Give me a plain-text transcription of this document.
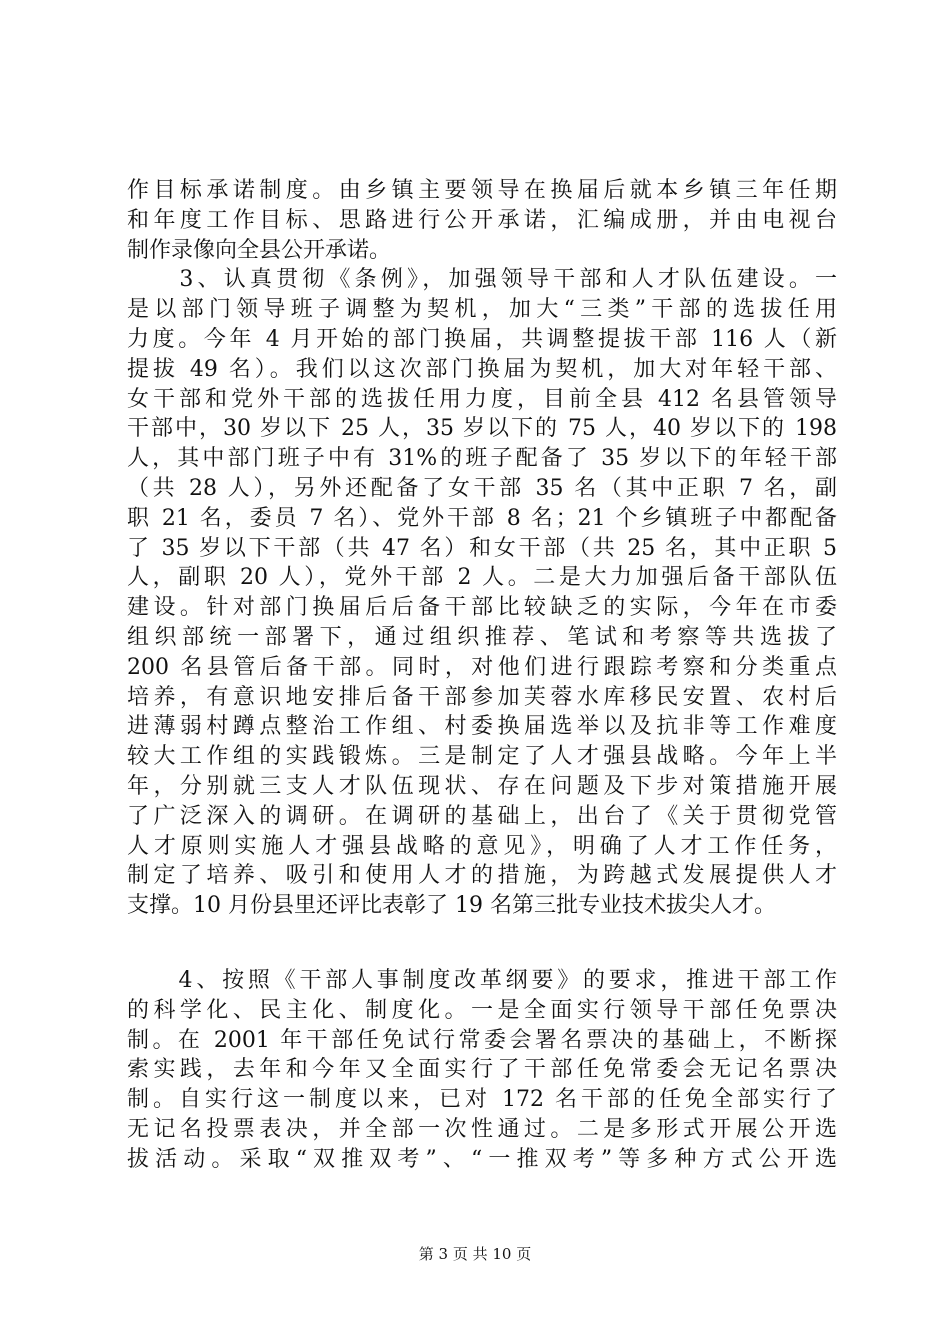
作目标承诺制度。由乡镇主要领导在换届后就本乡镇三年任期
和年度工作目标、思路进行公开承诺，汇编成册，并由电视台
制作录像向全县公开承诺。
　　3、认真贯彻《条例》，加强领导干部和人才队伍建设。一
是以部门领导班子调整为契机，加大“三类”干部的选拔任用
力度。今年 4 月开始的部门换届，共调整提拔干部 116 人（新
提拔 49 名）。我们以这次部门换届为契机，加大对年轻干部、
女干部和党外干部的选拔任用力度，目前全县 412 名县管领导
干部中，30 岁以下 25 人，35 岁以下的 75 人，40 岁以下的 198
人，其中部门班子中有 31%的班子配备了 35 岁以下的年轻干部
（共 28 人），另外还配备了女干部 35 名（其中正职 7 名，副
职 21 名，委员 7 名）、党外干部 8 名；21 个乡镇班子中都配备
了 35 岁以下干部（共 47 名）和女干部（共 25 名，其中正职 5
人，副职 20 人），党外干部 2 人。二是大力加强后备干部队伍
建设。针对部门换届后后备干部比较缺乏的实际，今年在市委
组织部统一部署下，通过组织推荐、笔试和考察等共选拔了
200 名县管后备干部。同时，对他们进行跟踪考察和分类重点
培养，有意识地安排后备干部参加芙蓉水库移民安置、农村后
进薄弱村蹲点整治工作组、村委换届选举以及抗非等工作难度
较大工作组的实践锻炼。三是制定了人才强县战略。今年上半
年，分别就三支人才队伍现状、存在问题及下步对策措施开展
了广泛深入的调研。在调研的基础上，出台了《关于贯彻党管
人才原则实施人才强县战略的意见》，明确了人才工作任务，
制定了培养、吸引和使用人才的措施，为跨越式发展提供人才
支撑。10 月份县里还评比表彰了 19 名第三批专业技术拔尖人才。
　　4、按照《干部人事制度改革纲要》的要求，推进干部工作
的科学化、民主化、制度化。一是全面实行领导干部任免票决
制。在 2001 年干部任免试行常委会署名票决的基础上，不断探
索实践，去年和今年又全面实行了干部任免常委会无记名票决
制。自实行这一制度以来，已对 172 名干部的任免全部实行了
无记名投票表决，并全部一次性通过。二是多形式开展公开选
拔活动。采取“双推双考”、“一推双考”等多种方式公开选
第 3 页 共 10 页
